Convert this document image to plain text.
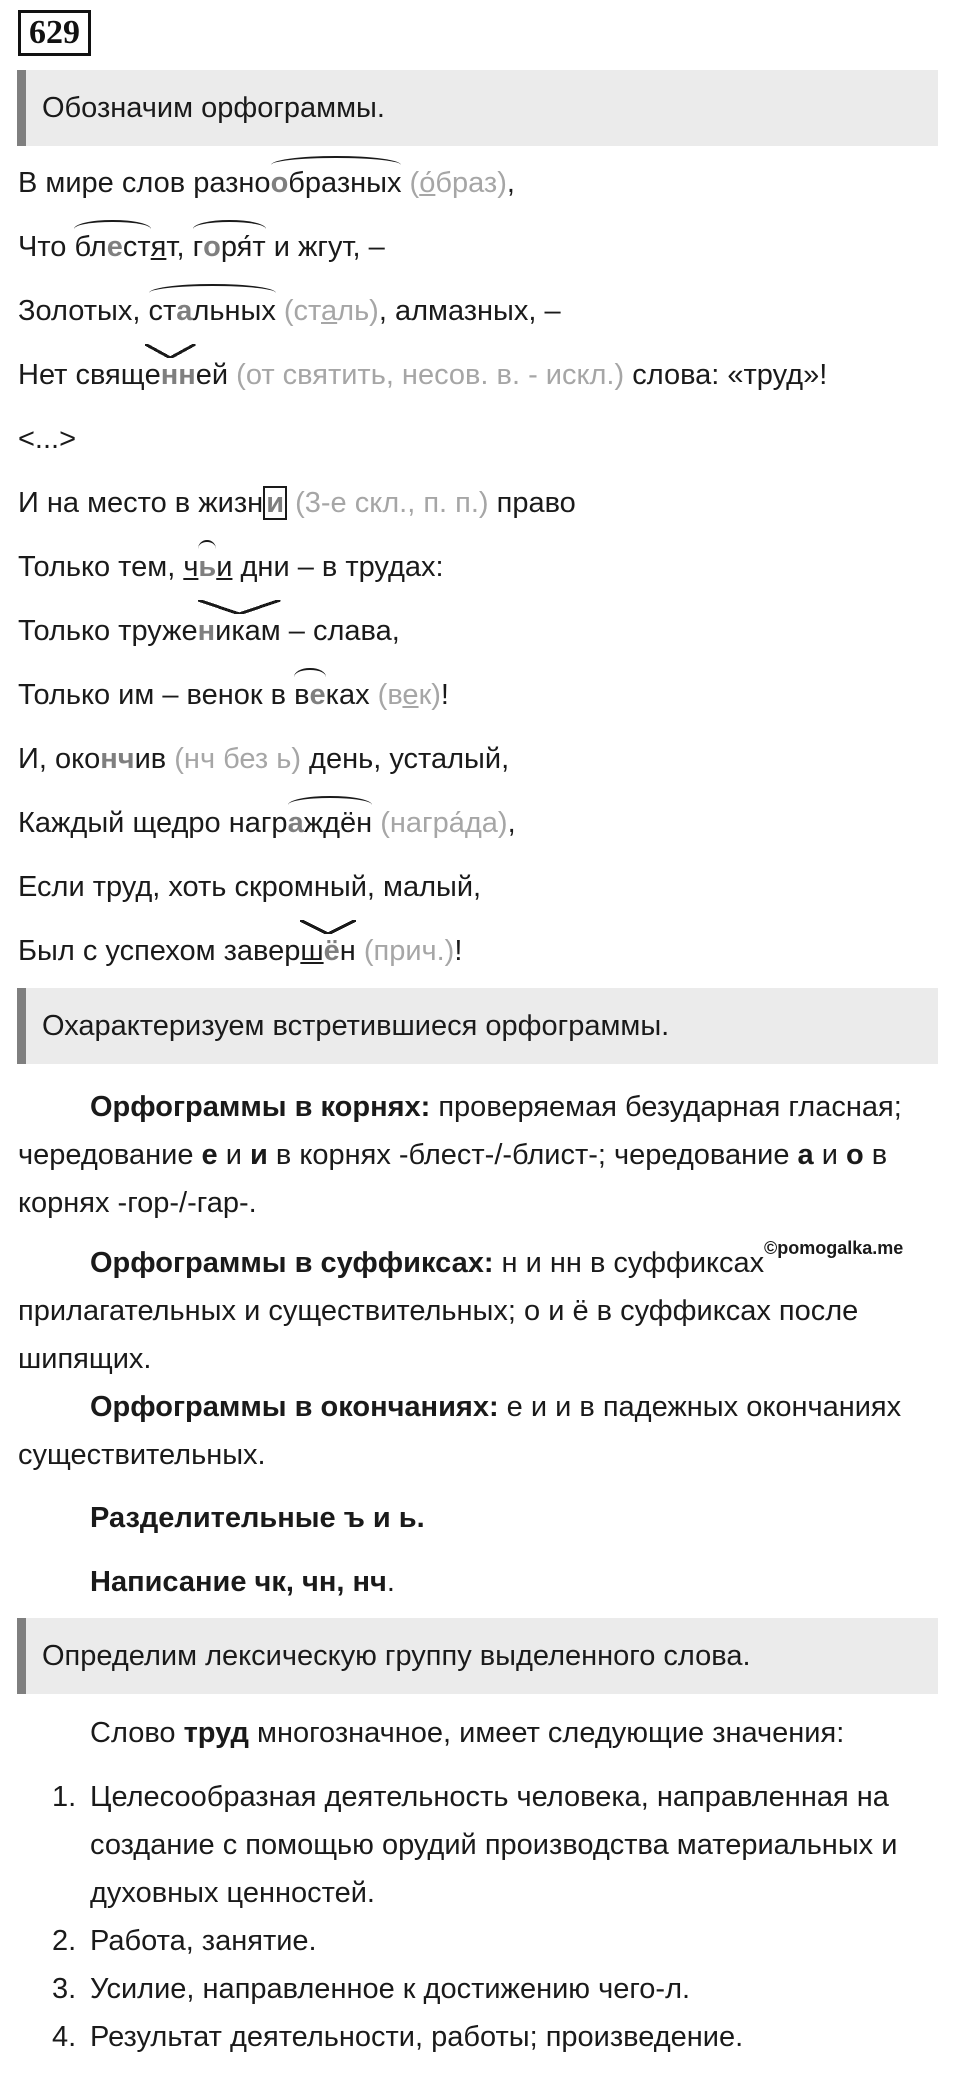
629
Обозначим орфограммы.
В мире слов разнообразных (о́браз),
Что блестят, горя́т и жгут, –
Золотых, стальных (сталь), алмазных, –
Нет священней (от святить, несов. в. - искл.) слова: «труд»!
<...>
И на место в жизн и (3-е скл., п. п.) право
Только тем, чьи дни – в трудах:
Только труженикам – слава,
Только им – венок в веках (век)!
И, окончив (нч без ь) день, усталый,
Каждый щедро награждён (награ́да),
Если труд, хоть скромный, малый,
Был с успехом завершён (прич.)!
Охарактеризуем встретившиеся орфограммы.
Орфограммы в корнях: проверяемая безударная гласная; чередование е и и в корнях -блест-/-блист-; чередование а и о в корнях -гор-/-гар-.
©pomogalka.me
Орфограммы в суффиксах: н и нн в суффиксах прилагательных и существительных; о и ё в суффиксах после шипящих.
Орфограммы в окончаниях: е и и в падежных окончаниях существительных.
Разделительные ъ и ь.
Написание чк, чн, нч.
Определим лексическую группу выделенного слова.
Слово труд многозначное, имеет следующие значения:
1. Целесообразная деятельность человека, направленная на создание с помощью орудий производства материальных и духовных ценностей.
2. Работа, занятие.
3. Усилие, направленное к достижению чего-л.
4. Результат деятельности, работы; произведение.
